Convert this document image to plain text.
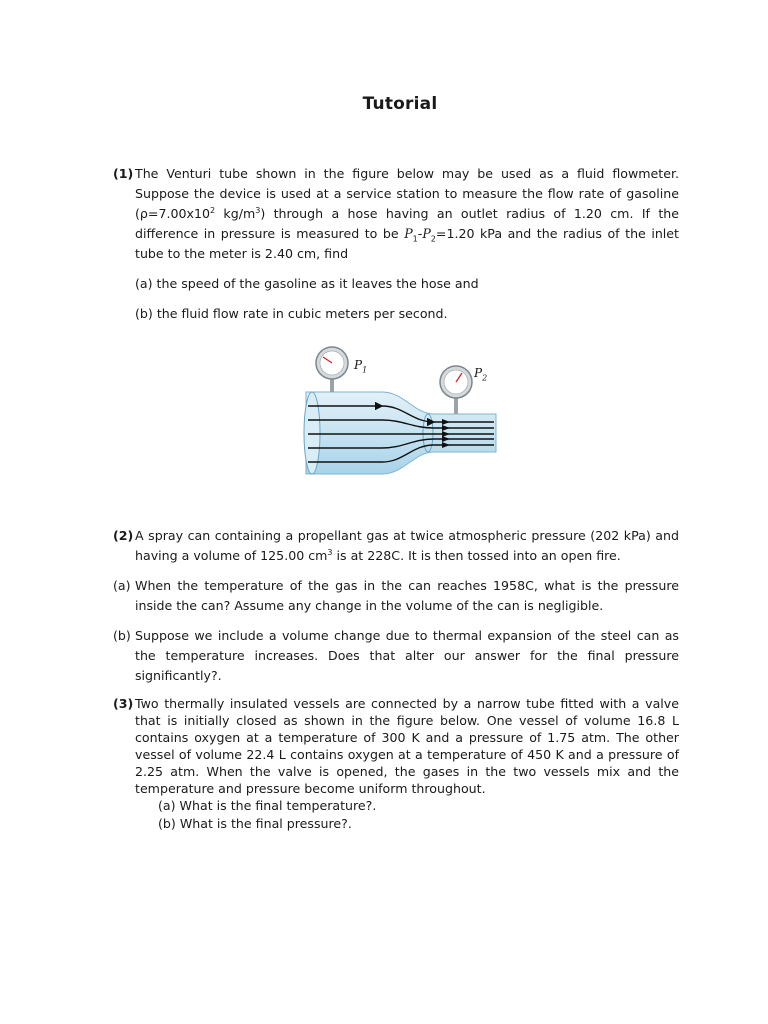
Tutorial
(1) The Venturi tube shown in the figure below may be used as a fluid flowmeter. Suppose the device is used at a service station to measure the flow rate of gasoline ($\rho=7.00x10^2$ $kg/m^3$) through a hose having an outlet radius of 1.20 cm. If the difference in pressure is measured to be $P_1-P_2=1.20$ kPa and the radius of the inlet tube to the meter is 2.40 cm, find
(a) the speed of the gasoline as it leaves the hose and
(b) the fluid flow rate in cubic meters per second.
$P_1$	$P_2$
(2) A spray can containing a propellant gas at twice atmospheric pressure (202 kPa) and having a volume of 125.00 $cm^3$ is at 228C. It is then tossed into an open fire.
(a) When the temperature of the gas in the can reaches 1958C, what is the pressure inside the can? Assume any change in the volume of the can is negligible.
(b) Suppose we include a volume change due to thermal expansion of the steel can as the temperature increases. Does that alter our answer for the final pressure significantly?.
(3) Two thermally insulated vessels are connected by a narrow tube fitted with a valve that is initially closed as shown in the figure below. One vessel of volume 16.8 L contains oxygen at a temperature of 300 K and a pressure of 1.75 atm. The other vessel of volume 22.4 L contains oxygen at a temperature of 450 K and a pressure of 2.25 atm. When the valve is opened, the gases in the two vessels mix and the temperature and pressure become uniform throughout.
(a) What is the final temperature?.
(b) What is the final pressure?.
